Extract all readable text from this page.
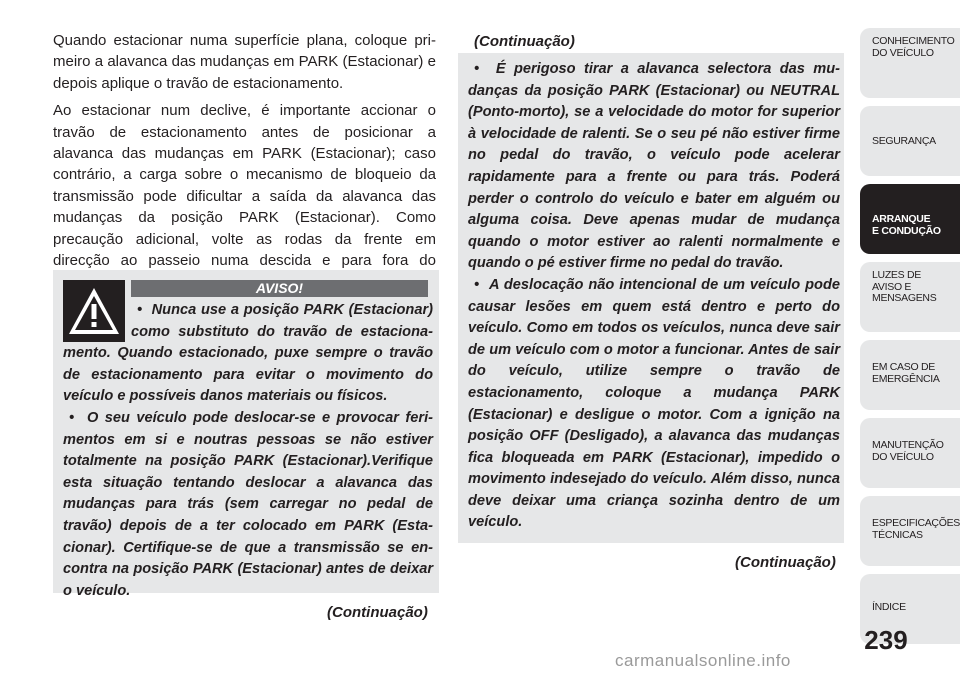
Quando estacionar numa superfície plana, coloque primeiro a alavanca das mudanças em PARK (Estacionar) e depois aplique o travão de estacionamento.

Ao estacionar num declive, é importante accionar o travão de estacionamento antes de posicionar a alavanca das mudanças em PARK (Estacionar); caso contrário, a carga sobre o mecanismo de bloqueio da transmissão pode dificultar a saída da alavanca das mudanças da posição PARK (Estacionar). Como precaução adicional, volte as rodas da frente em direcção ao passeio numa descida e para fora do

AVISO!

•  Nunca use a posição PARK (Estacionar) como substituto do travão de estacionamento. Quando estacionado, puxe sempre o travão de estacionamento para evitar o movimento do veículo e possíveis danos materiais ou físicos.

•  O seu veículo pode deslocar-se e provocar ferimentos em si e noutras pessoas se não estiver totalmente na posição PARK (Estacionar).Verifique esta situação tentando deslocar a alavanca das mudanças para trás (sem carregar no pedal de travão) depois de a ter colocado em PARK (Estacionar). Certifique-se de que a transmissão se encontra na posição PARK (Estacionar) antes de deixar o veículo.

(Continuação)
(Continuação)

•  É perigoso tirar a alavanca selectora das mudanças da posição PARK (Estacionar) ou NEUTRAL (Ponto-morto), se a velocidade do motor for superior à velocidade de ralenti. Se o seu pé não estiver firme no pedal do travão, o veículo pode acelerar rapidamente para a frente ou para trás. Poderá perder o controlo do veículo e bater em alguém ou alguma coisa. Deve apenas mudar de mudança quando o motor estiver ao ralenti normalmente e quando o pé estiver firme no pedal do travão.

•  A deslocação não intencional de um veículo pode causar lesões em quem está dentro e perto do veículo. Como em todos os veículos, nunca deve sair de um veículo com o motor a funcionar. Antes de sair do veículo, utilize sempre o travão de estacionamento, coloque a mudança PARK (Estacionar) e desligue o motor. Com a ignição na posição OFF (Desligado), a alavanca das mudanças fica bloqueada em PARK (Estacionar), impedido o movimento indesejado do veículo. Além disso, nunca deve deixar uma criança sozinha dentro de um veículo.

(Continuação)
CONHECIMENTO
DO VEÍCULO
SEGURANÇA
ARRANQUE
E CONDUÇÃO
LUZES DE
AVISO E
MENSAGENS
EM CASO DE
EMERGÊNCIA
MANUTENÇÃO
DO VEÍCULO
ESPECIFICAÇÕES
TÉCNICAS
ÍNDICE
239
carmanualsonline.info
